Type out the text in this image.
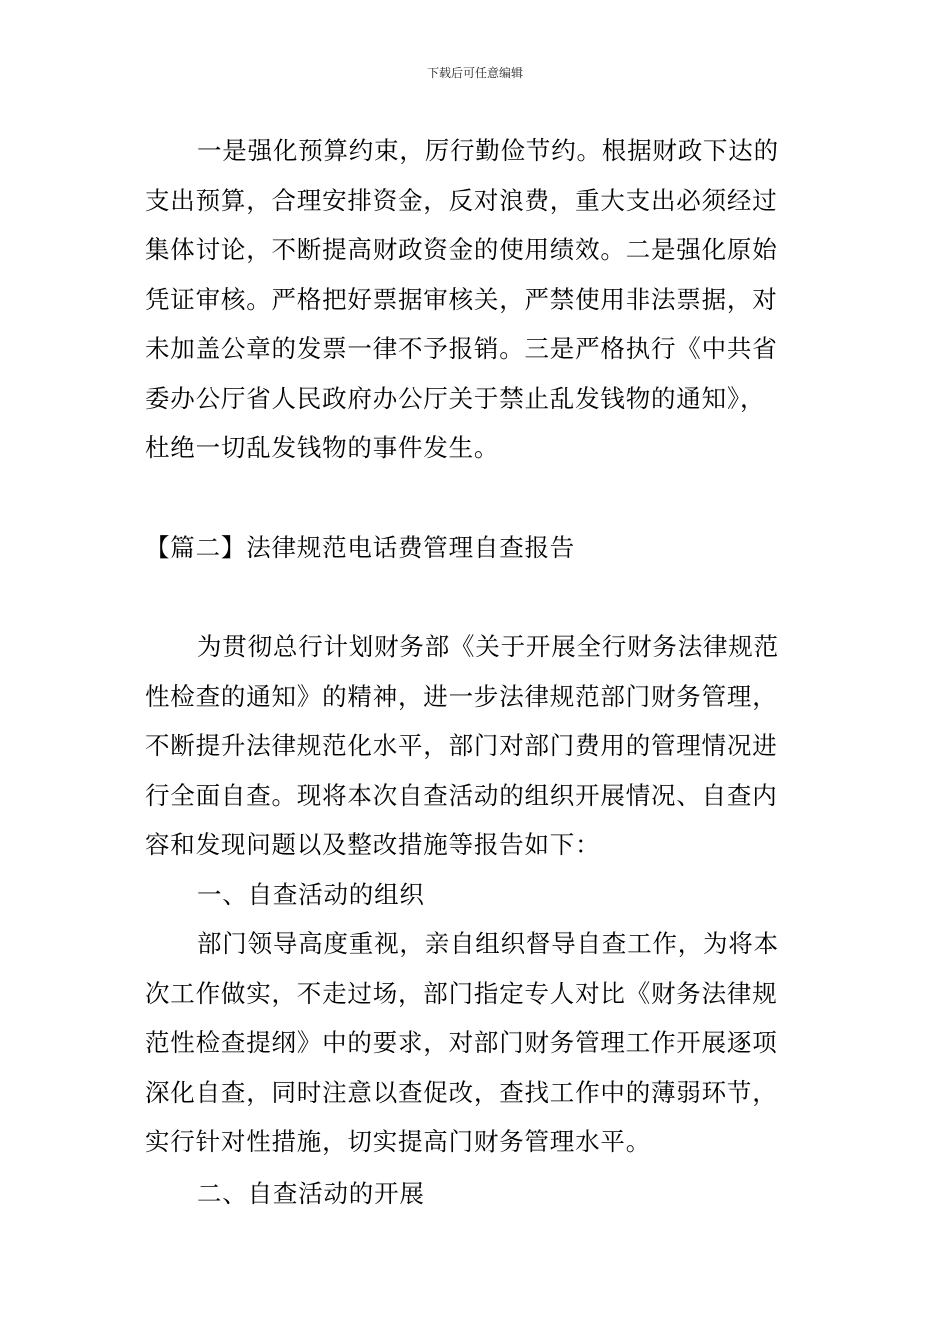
下载后可任意编辑
一是强化预算约束，厉行勤俭节约。根据财政下达的
支出预算，合理安排资金，反对浪费，重大支出必须经过
集体讨论，不断提高财政资金的使用绩效。二是强化原始
凭证审核。严格把好票据审核关，严禁使用非法票据，对
未加盖公章的发票一律不予报销。三是严格执行《中共省
委办公厅省人民政府办公厅关于禁止乱发钱物的通知》，
杜绝一切乱发钱物的事件发生。
【篇二】法律规范电话费管理自查报告
为贯彻总行计划财务部《关于开展全行财务法律规范
性检查的通知》的精神，进一步法律规范部门财务管理，
不断提升法律规范化水平，部门对部门费用的管理情况进
行全面自查。现将本次自查活动的组织开展情况、自查内
容和发现问题以及整改措施等报告如下：
一、自查活动的组织
部门领导高度重视，亲自组织督导自查工作，为将本
次工作做实，不走过场，部门指定专人对比《财务法律规
范性检查提纲》中的要求，对部门财务管理工作开展逐项
深化自查，同时注意以查促改，查找工作中的薄弱环节，
实行针对性措施，切实提高门财务管理水平。
二、自查活动的开展
